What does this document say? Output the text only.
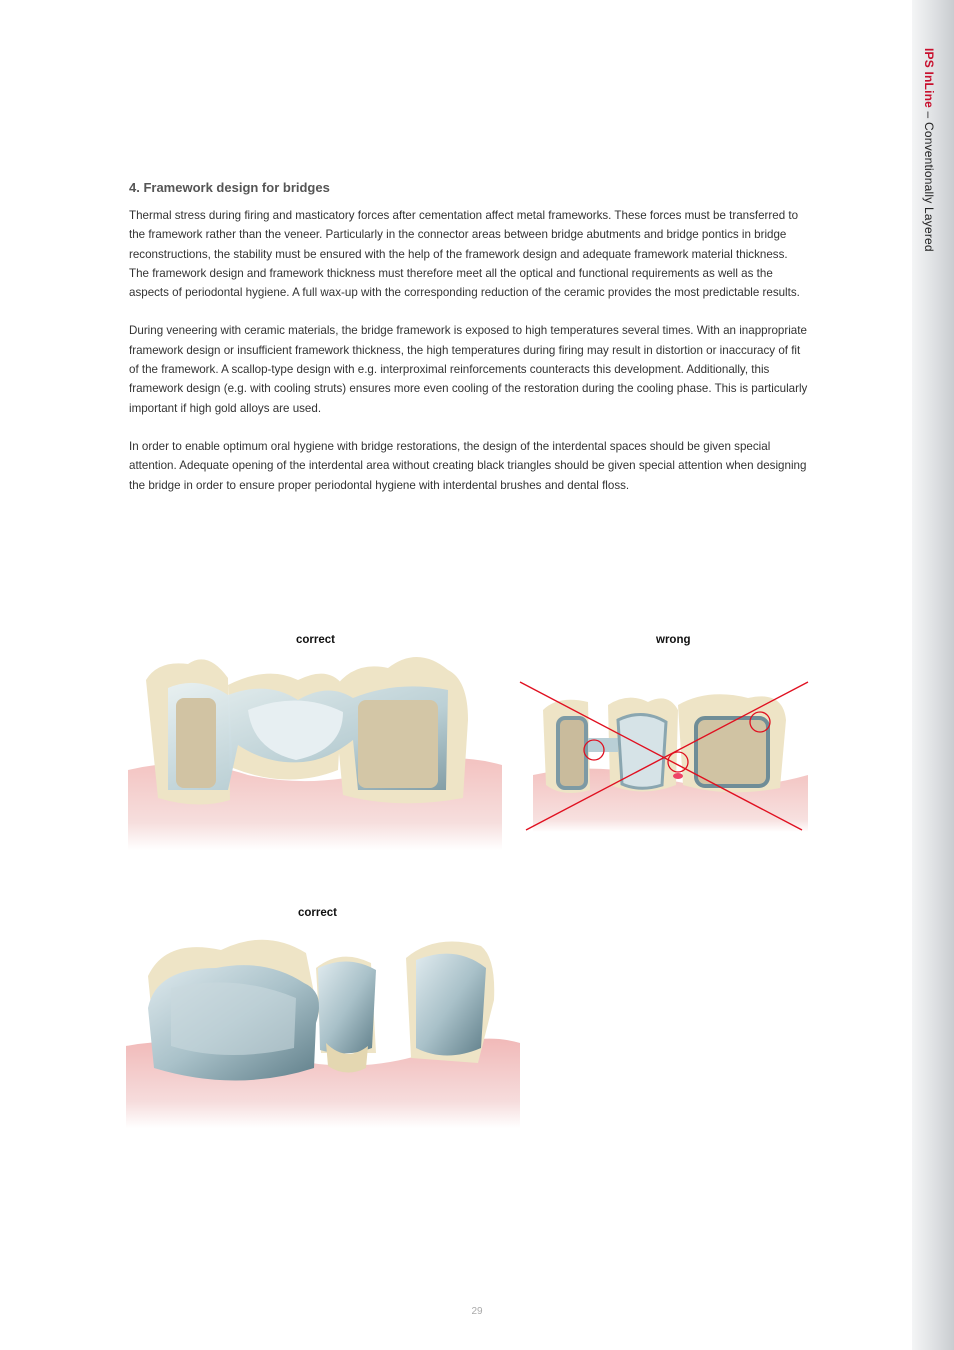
IPS InLine – Conventionally Layered
4. Framework design for bridges

Thermal stress during firing and masticatory forces after cementation affect metal frameworks. These forces must be transferred to the framework rather than the veneer. Particularly in the connector areas between bridge abutments and bridge pontics in bridge reconstructions, the stability must be ensured with the help of the framework design and adequate framework material thickness. The framework design and framework thickness must therefore meet all the optical and functional requirements as well as the aspects of periodontal hygiene. A full wax-up with the corresponding reduction of the ceramic provides the most predictable results.

During veneering with ceramic materials, the bridge framework is exposed to high temperatures several times. With an inappropriate framework design or insufficient framework thickness, the high temperatures during firing may result in distortion or inaccuracy of fit of the framework. A scallop-type design with e.g. interproximal reinforcements counteracts this development. Additionally, this framework design (e.g. with cooling struts) ensures more even cooling of the restoration during the cooling phase. This is particularly important if high gold alloys are used.

In order to enable optimum oral hygiene with bridge restorations, the design of the interdental spaces should be given special attention. Adequate opening of the interdental area without creating black triangles should be given special attention when designing the bridge in order to ensure proper periodontal hygiene with interdental brushes and dental floss.

correct	wrong
correct
29
